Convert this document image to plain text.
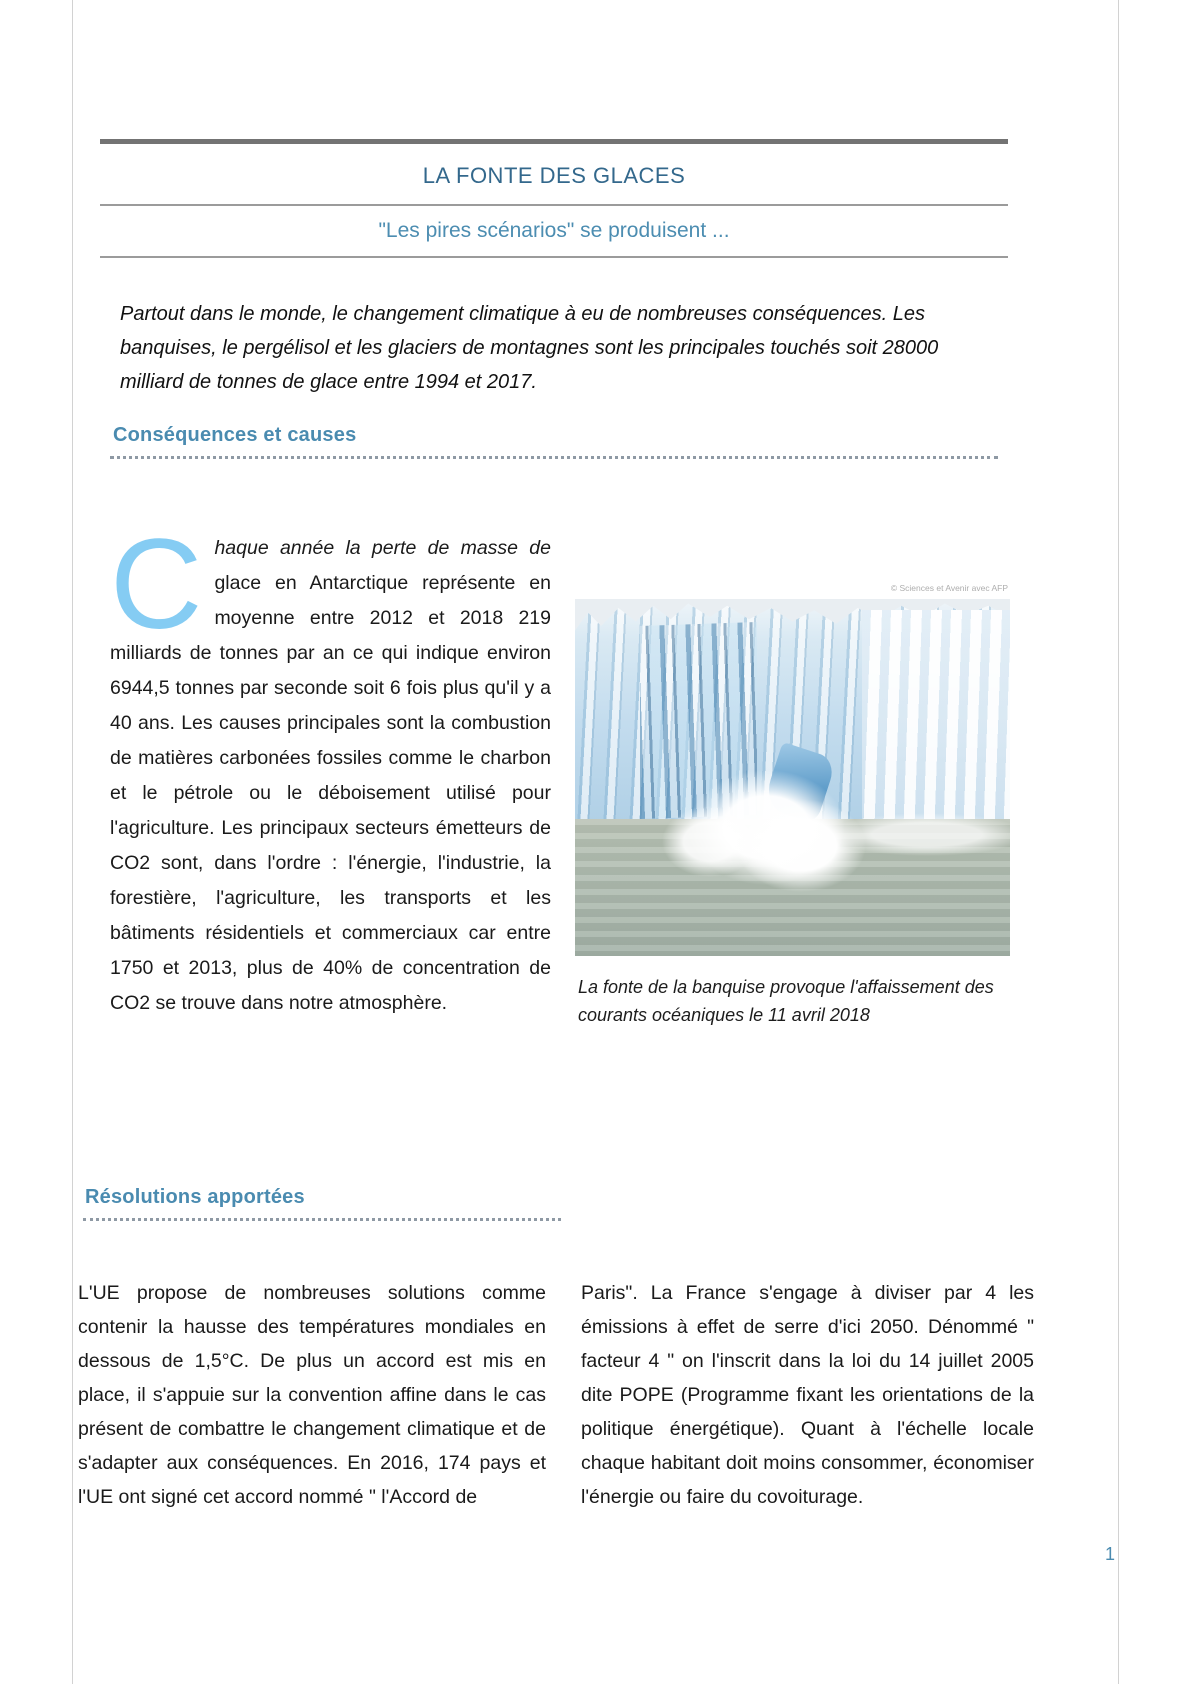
LA FONTE DES GLACES
"Les pires scénarios" se produisent ...

Partout dans le monde, le changement climatique à eu de nombreuses conséquences. Les banquises, le pergélisol et les glaciers de montagnes sont les principales touchés soit 28000 milliard de tonnes de glace entre 1994 et 2017.

Conséquences et causes
C haque année la perte de masse de glace en Antarctique représente en moyenne entre 2012 et 2018 219 milliards de tonnes par an ce qui indique environ 6944,5 tonnes par seconde soit 6 fois plus qu'il y a 40 ans. Les causes principales sont la combustion de matières carbonées fossiles comme le charbon et le pétrole ou le déboisement utilisé pour l'agriculture. Les principaux secteurs émetteurs de CO2 sont, dans l'ordre : l'énergie, l'industrie, la forestière, l'agriculture, les transports et les bâtiments résidentiels et commerciaux car entre 1750 et 2013, plus de 40% de concentration de CO2 se trouve dans notre atmosphère.
© Sciences et Avenir avec AFP
La fonte de la banquise provoque l'affaissement des courants océaniques le 11 avril 2018
Résolutions apportées

L'UE propose de nombreuses solutions comme contenir la hausse des températures mondiales en dessous de 1,5°C. De plus un accord est mis en place, il s'appuie sur la convention affine dans le cas présent de combattre le changement climatique et de s'adapter aux conséquences. En 2016, 174 pays et l'UE ont signé cet accord nommé " l'Accord de

Paris". La France s'engage à diviser par 4 les émissions à effet de serre d'ici 2050. Dénommé " facteur 4 " on l'inscrit dans la loi du 14 juillet 2005 dite POPE (Programme fixant les orientations de la politique énergétique). Quant à l'échelle locale chaque habitant doit moins consommer, économiser l'énergie ou faire du covoiturage.

1
